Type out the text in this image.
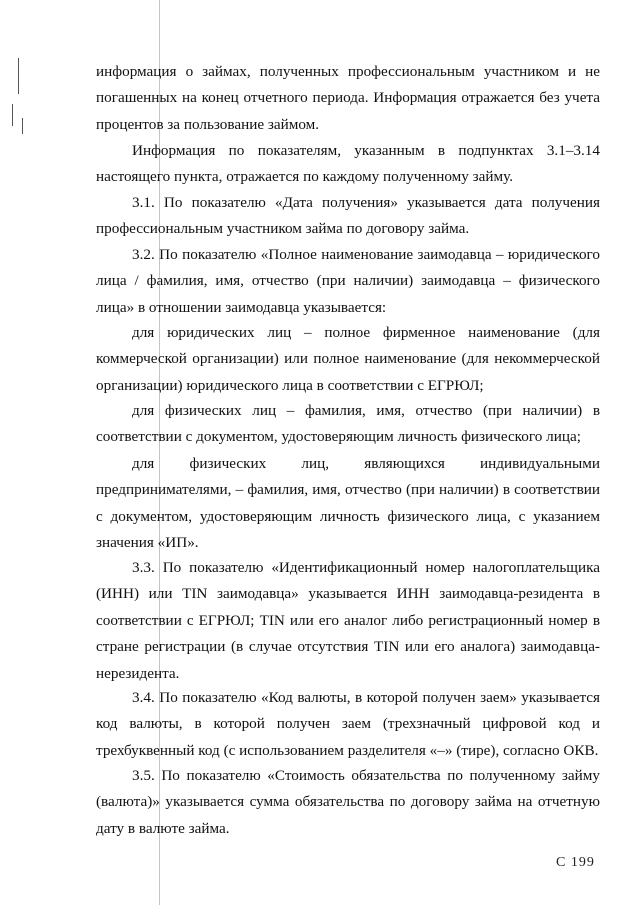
информация о займах, полученных профессиональным участником и не погашенных на конец отчетного периода. Информация отражается без учета процентов за пользование займом.

Информация по показателям, указанным в подпунктах 3.1–3.14 настоящего пункта, отражается по каждому полученному займу.

3.1. По показателю «Дата получения» указывается дата получения профессиональным участником займа по договору займа.

3.2. По показателю «Полное наименование заимодавца – юридического лица / фамилия, имя, отчество (при наличии) заимодавца – физического лица» в отношении заимодавца указывается:

для юридических лиц – полное фирменное наименование (для коммерческой организации) или полное наименование (для некоммерческой организации) юридического лица в соответствии с ЕГРЮЛ;

для физических лиц – фамилия, имя, отчество (при наличии) в соответствии с документом, удостоверяющим личность физического лица;

для физических лиц, являющихся индивидуальными предпринимателями, – фамилия, имя, отчество (при наличии) в соответствии с документом, удостоверяющим личность физического лица, с указанием значения «ИП».

3.3. По показателю «Идентификационный номер налогоплательщика (ИНН) или TIN заимодавца» указывается ИНН заимодавца-резидента в соответствии с ЕГРЮЛ; TIN или его аналог либо регистрационный номер в стране регистрации (в случае отсутствия TIN или его аналога) заимодавца-нерезидента.

3.4. По показателю «Код валюты, в которой получен заем» указывается код валюты, в которой получен заем (трехзначный цифровой код и трехбуквенный код (с использованием разделителя «–» (тире), согласно ОКВ.

3.5. По показателю «Стоимость обязательства по полученному займу (валюта)» указывается сумма обязательства по договору займа на отчетную дату в валюте займа.

С 199
